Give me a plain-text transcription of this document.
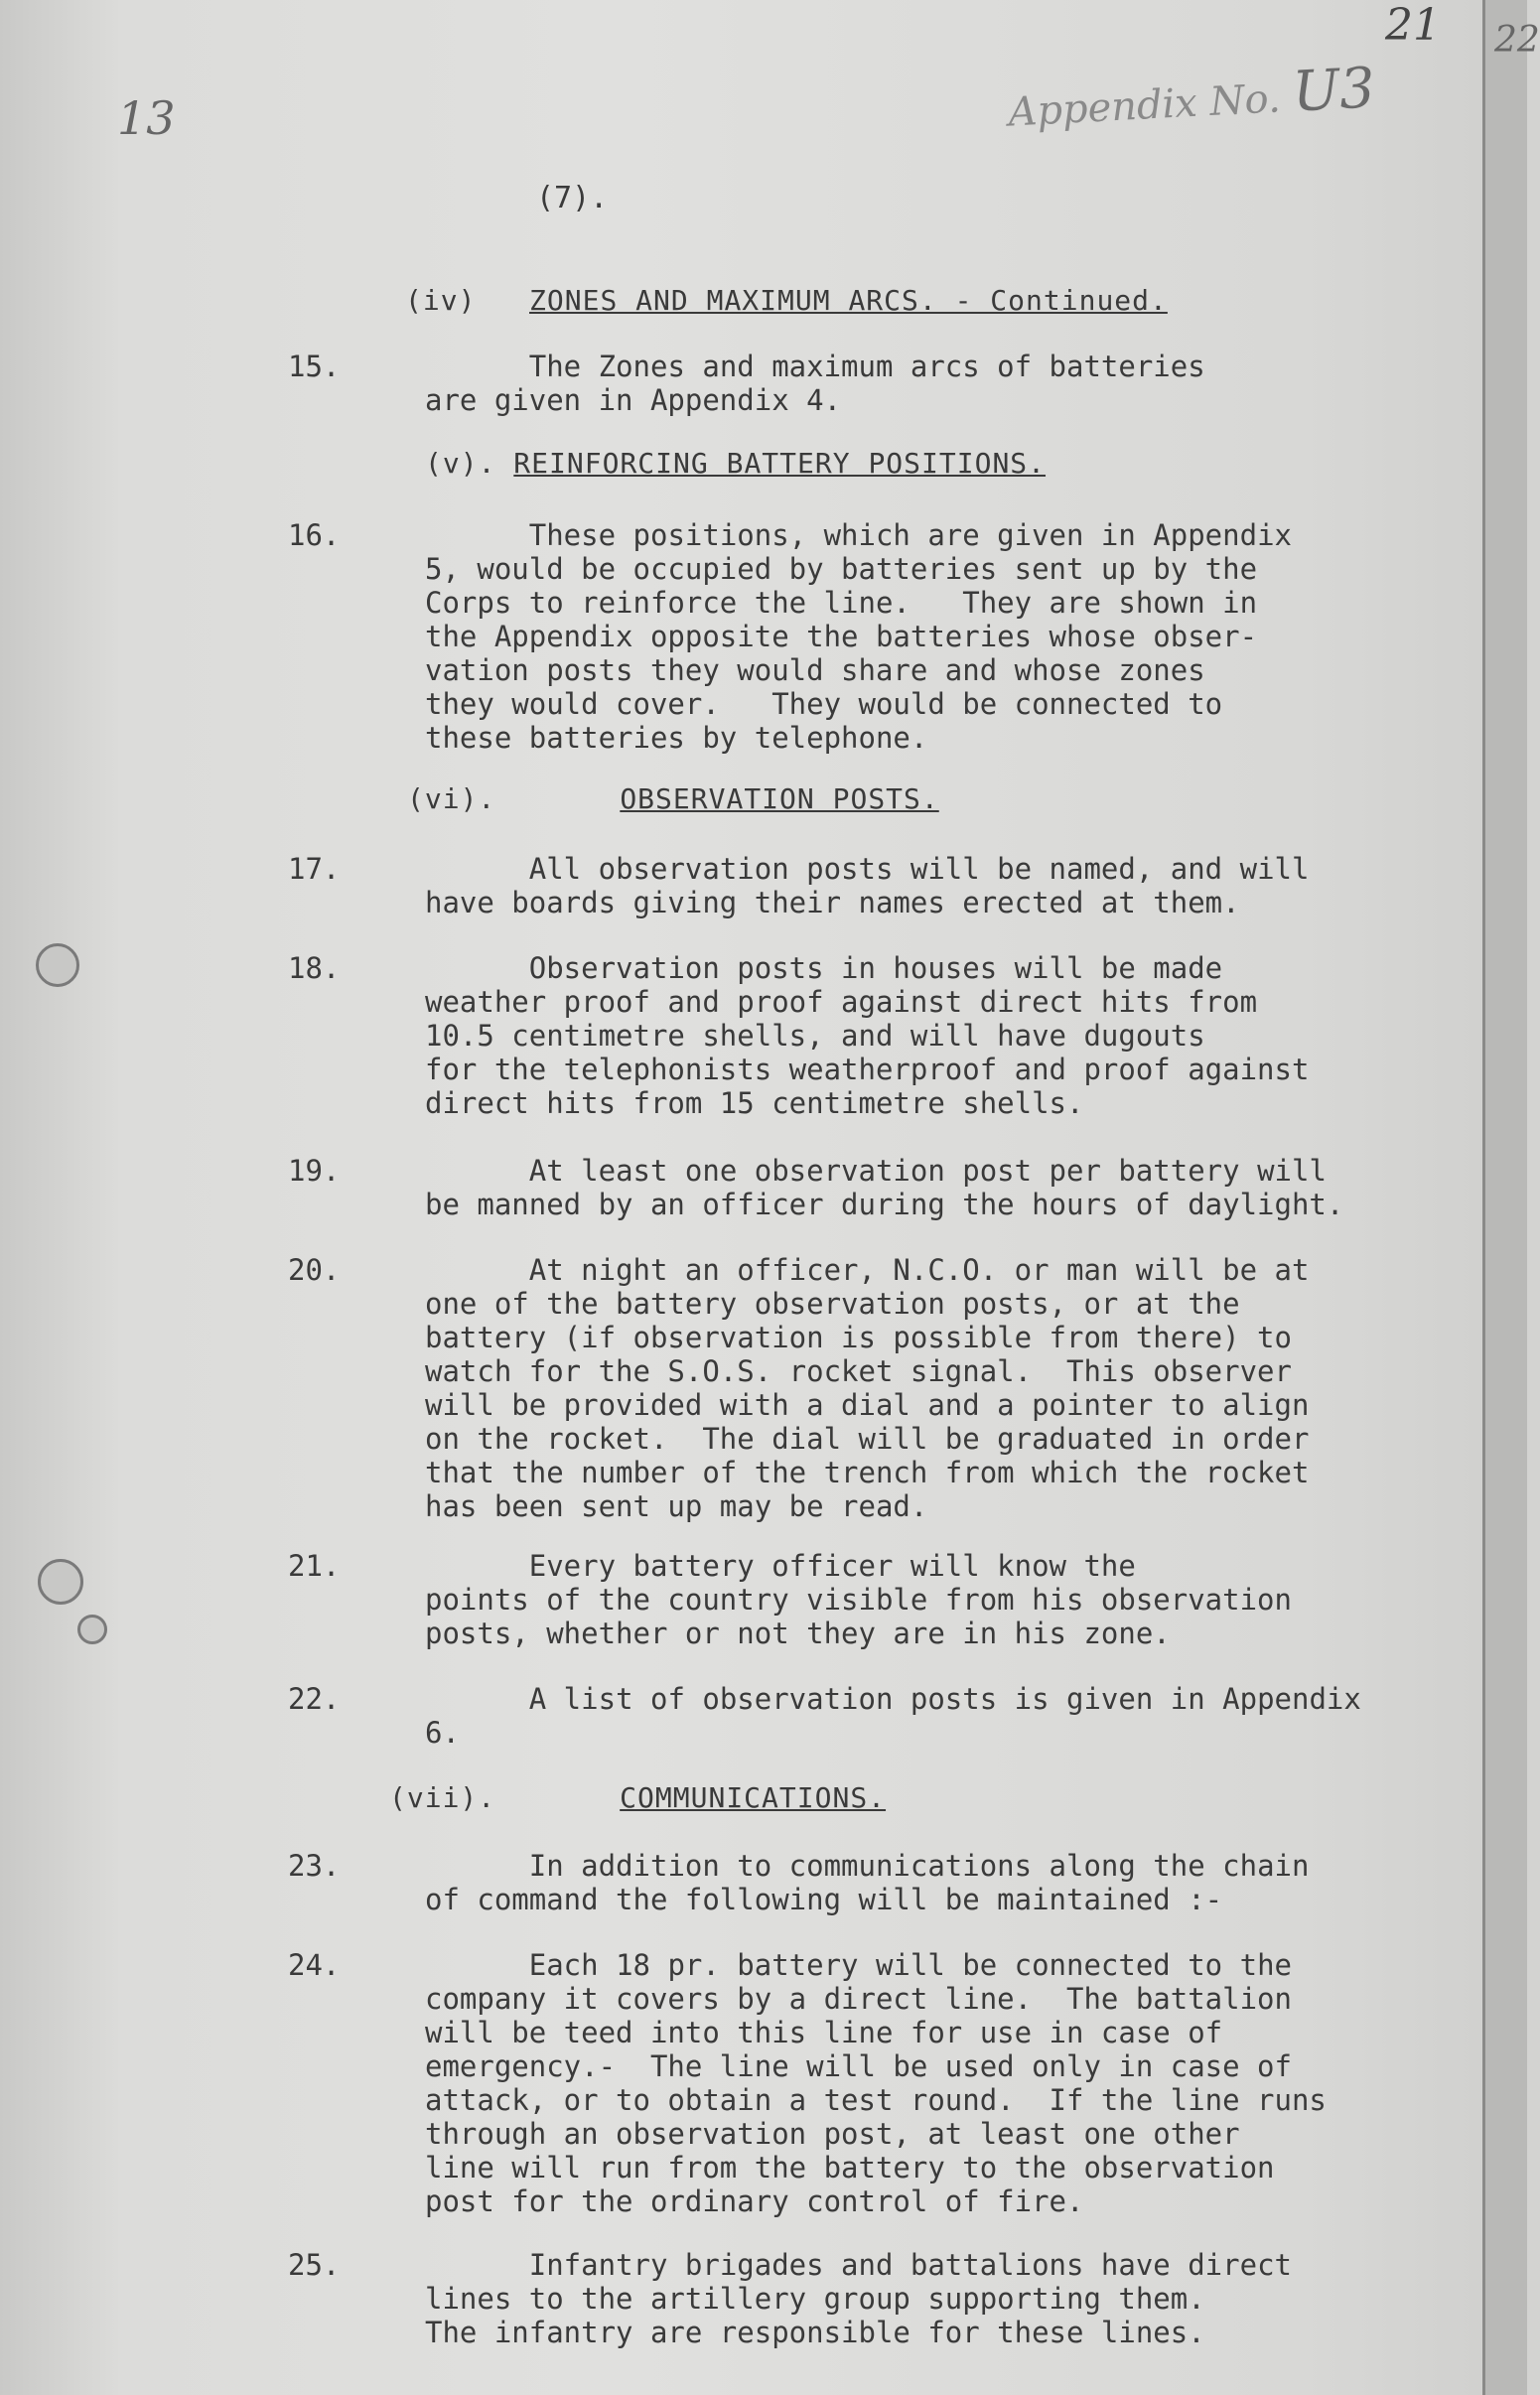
13
21 22
Appendix No. U3
(7).
(iv) ZONES AND MAXIMUM ARCS. - Continued.
15.	The Zones and maximum arcs of batteries
are given in Appendix 4.
(v). REINFORCING BATTERY POSITIONS.
16.	These positions, which are given in Appendix
5, would be occupied by batteries sent up by the
Corps to reinforce the line.   They are shown in
the Appendix opposite the batteries whose obser-
vation posts they would share and whose zones
they would cover.   They would be connected to
these batteries by telephone.
(vi).	OBSERVATION POSTS.
17.	All observation posts will be named, and will
have boards giving their names erected at them.
18.	Observation posts in houses will be made
weather proof and proof against direct hits from
10.5 centimetre shells, and will have dugouts
for the telephonists weatherproof and proof against
direct hits from 15 centimetre shells.
19.	At least one observation post per battery will
be manned by an officer during the hours of daylight.
20.	At night an officer, N.C.O. or man will be at
one of the battery observation posts, or at the
battery (if observation is possible from there) to
watch for the S.O.S. rocket signal.  This observer
will be provided with a dial and a pointer to align
on the rocket.  The dial will be graduated in order
that the number of the trench from which the rocket
has been sent up may be read.
21.	Every battery officer will know the
points of the country visible from his observation
posts, whether or not they are in his zone.
22.	A list of observation posts is given in Appendix
6.
(vii).	COMMUNICATIONS.
23.	In addition to communications along the chain
of command the following will be maintained :-
24.	Each 18 pr. battery will be connected to the
company it covers by a direct line.  The battalion
will be teed into this line for use in case of
emergency.-  The line will be used only in case of
attack, or to obtain a test round.  If the line runs
through an observation post, at least one other
line will run from the battery to the observation
post for the ordinary control of fire.
25.	Infantry brigades and battalions have direct
lines to the artillery group supporting them.
The infantry are responsible for these lines.
